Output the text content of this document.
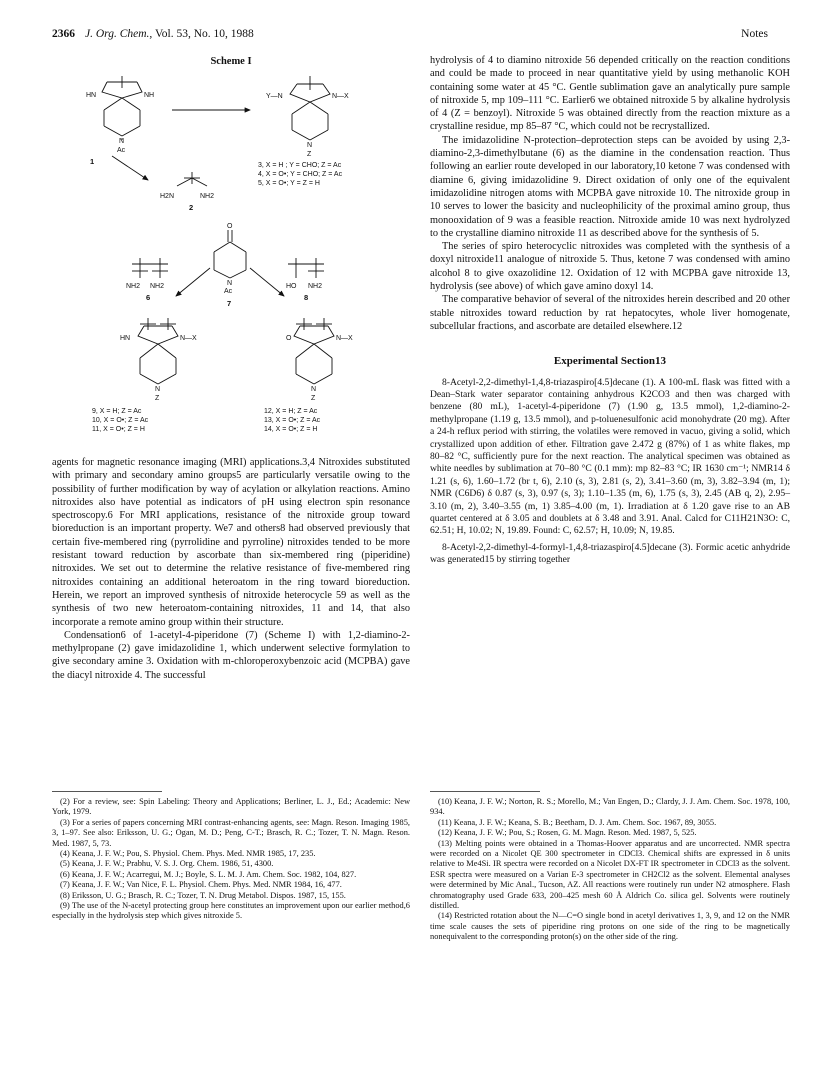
2366 J. Org. Chem., Vol. 53, No. 10, 1988	Notes
Scheme I
HN	NH
N
Ac
1
Y—N	N—X
N
Z
3, X = H ; Y = CHO; Z = Ac
4, X = O•; Y = CHO; Z = Ac
5, X = O•; Y = Z = H
H2N	NH2
2
O
N
Ac
7
NH2 NH2
6
HO NH2
8
HN	N—X
N
Z
9, X = H; Z = Ac
10, X = O•; Z = Ac
11, X = O•; Z = H
O	N—X
N
Z
12, X = H; Z = Ac
13, X = O•; Z = Ac
14, X = O•; Z = H

agents for magnetic resonance imaging (MRI) applications.3,4 Nitroxides substituted with primary and secondary amino groups5 are particularly versatile owing to the possibility of further modification by way of acylation or alkylation reactions. Amino nitroxides also have potential as indicators of pH using electron spin resonance spectroscopy.6 For MRI applications, resistance of the nitroxide group toward bioreduction is an important property. We7 and others8 had observed previously that certain five-membered ring (pyrrolidine and pyrroline) nitroxides tended to be more resistant toward reduction by ascorbate than six-membered ring (piperidine) nitroxides. We set out to determine the relative resistance of five-membered ring nitroxides containing an additional heteroatom in the ring toward bioreduction. Herein, we report an improved synthesis of nitroxide heterocycle 59 as well as the synthesis of two new heteroatom-containing nitroxides, 11 and 14, that also incorporate a remote amino group within their structure.

Condensation6 of 1-acetyl-4-piperidone (7) (Scheme I) with 1,2-diamino-2-methylpropane (2) gave imidazolidine 1, which underwent selective formylation to give secondary amine 3. Oxidation with m-chloroperoxybenzoic acid (MCPBA) gave the diacyl nitroxide 4. The successful

hydrolysis of 4 to diamino nitroxide 56 depended critically on the reaction conditions and could be made to proceed in near quantitative yield by using methanolic KOH containing some water at 45 °C. Gentle sublimation gave an analytically pure sample of nitroxide 5, mp 109–111 °C. Earlier6 we obtained nitroxide 5 by alkaline hydrolysis of 4 (Z = benzoyl). Nitroxide 5 was obtained directly from the reaction mixture as a crystalline residue, mp 85–87 °C, which could not be recrystallized.

The imidazolidine N-protection–deprotection steps can be avoided by using 2,3-diamino-2,3-dimethylbutane (6) as the diamine in the condensation reaction. Thus following an earlier route developed in our laboratory,10 ketone 7 was condensed with diamine 6, giving imidazolidine 9. Direct oxidation of only one of the equivalent imidazolidine nitrogen atoms with MCPBA gave nitroxide 10. The nitroxide group in 10 serves to lower the basicity and nucleophilicity of the proximal amino group, thus monooxidation of 9 was a feasible reaction. Nitroxide amide 10 was next hydrolyzed to the crystalline diamino nitroxide 11 as described above for the synthesis of 5.

The series of spiro heterocyclic nitroxides was completed with the synthesis of a doxyl nitroxide11 analogue of nitroxide 5. Thus, ketone 7 was condensed with amino alcohol 8 to give oxazolidine 12. Oxidation of 12 with MCPBA gave nitroxide 13, hydrolysis (see above) of which gave amino doxyl 14.

The comparative behavior of several of the nitroxides herein described and 20 other stable nitroxides toward reduction by rat hepatocytes, whole liver homogenate, subcellular fractions, and ascorbate are detailed elsewhere.12

Experimental Section13

8-Acetyl-2,2-dimethyl-1,4,8-triazaspiro[4.5]decane (1). A 100-mL flask was fitted with a Dean–Stark water separator containing anhydrous K2CO3 and then was charged with benzene (80 mL), 1-acetyl-4-piperidone (7) (1.90 g, 13.5 mmol), 1,2-diamino-2-methylpropane (1.19 g, 13.5 mmol), and p-toluenesulfonic acid monohydrate (20 mg). After a 24-h reflux period with stirring, the volatiles were removed in vacuo, giving a solid, which crystallized upon addition of ether. Filtration gave 2.472 g (87%) of 1 as white flakes, mp 80–82 °C, sufficiently pure for the next reaction. The analytical specimen was obtained as white needles by sublimation at 70–80 °C (0.1 mm): mp 82–83 °C; IR 1630 cm⁻¹; NMR14 δ 1.21 (s, 6), 1.60–1.72 (br t, 6), 2.10 (s, 3), 2.81 (s, 2), 3.41–3.60 (m, 3), 3.82–3.94 (m, 1); NMR (C6D6) δ 0.87 (s, 3), 0.97 (s, 3); 1.10–1.35 (m, 6), 1.75 (s, 3), 2.45 (AB q, 2), 2.95–3.10 (m, 2), 3.40–3.55 (m, 1) 3.85–4.00 (m, 1). Irradiation at δ 1.20 gave rise to an AB quartet centered at δ 3.05 and doublets at δ 3.48 and 3.91. Anal. Calcd for C11H21N3O: C, 62.51; H, 10.02; N, 19.89. Found: C, 62.57; H, 10.09; N, 19.85.

8-Acetyl-2,2-dimethyl-4-formyl-1,4,8-triazaspiro[4.5]decane (3). Formic acetic anhydride was generated15 by stirring together

(2) For a review, see: Spin Labeling: Theory and Applications; Berliner, L. J., Ed.; Academic: New York, 1979.

(3) For a series of papers concerning MRI contrast-enhancing agents, see: Magn. Reson. Imaging 1985, 3, 1–97. See also: Eriksson, U. G.; Ogan, M. D.; Peng, C-T.; Brasch, R. C.; Tozer, T. N. Magn. Reson. Med. 1987, 5, 73.

(4) Keana, J. F. W.; Pou, S. Physiol. Chem. Phys. Med. NMR 1985, 17, 235.

(5) Keana, J. F. W.; Prabhu, V. S. J. Org. Chem. 1986, 51, 4300.

(6) Keana, J. F. W.; Acarregui, M. J.; Boyle, S. L. M. J. Am. Chem. Soc. 1982, 104, 827.

(7) Keana, J. F. W.; Van Nice, F. L. Physiol. Chem. Phys. Med. NMR 1984, 16, 477.

(8) Eriksson, U. G.; Brasch, R. C.; Tozer, T. N. Drug Metabol. Dispos. 1987, 15, 155.

(9) The use of the N-acetyl protecting group here constitutes an improvement upon our earlier method,6 especially in the hydrolysis step which gives nitroxide 5.

(10) Keana, J. F. W.; Norton, R. S.; Morello, M.; Van Engen, D.; Clardy, J. J. Am. Chem. Soc. 1978, 100, 934.

(11) Keana, J. F. W.; Keana, S. B.; Beetham, D. J. Am. Chem. Soc. 1967, 89, 3055.

(12) Keana, J. F. W.; Pou, S.; Rosen, G. M. Magn. Reson. Med. 1987, 5, 525.

(13) Melting points were obtained in a Thomas-Hoover apparatus and are uncorrected. NMR spectra were recorded on a Nicolet QE 300 spectrometer in CDCl3. Chemical shifts are expressed in δ units relative to Me4Si. IR spectra were recorded on a Nicolet DX-FT IR spectrometer in CDCl3 as the solvent. ESR spectra were measured on a Varian E-3 spectrometer in CH2Cl2 as the solvent. Elemental analyses were determined by Mic Anal., Tucson, AZ. All reactions were routinely run under N2 atmosphere. Flash chromatography used Grade 633, 200–425 mesh 60 Å Aldrich Co. silica gel. Solvents were routinely distilled.

(14) Restricted rotation about the N—C=O single bond in acetyl derivatives 1, 3, 9, and 12 on the NMR time scale causes the sets of piperidine ring protons on one side of the ring to be magnetically nonequivalent to the corresponding proton(s) on the other side of the ring.
